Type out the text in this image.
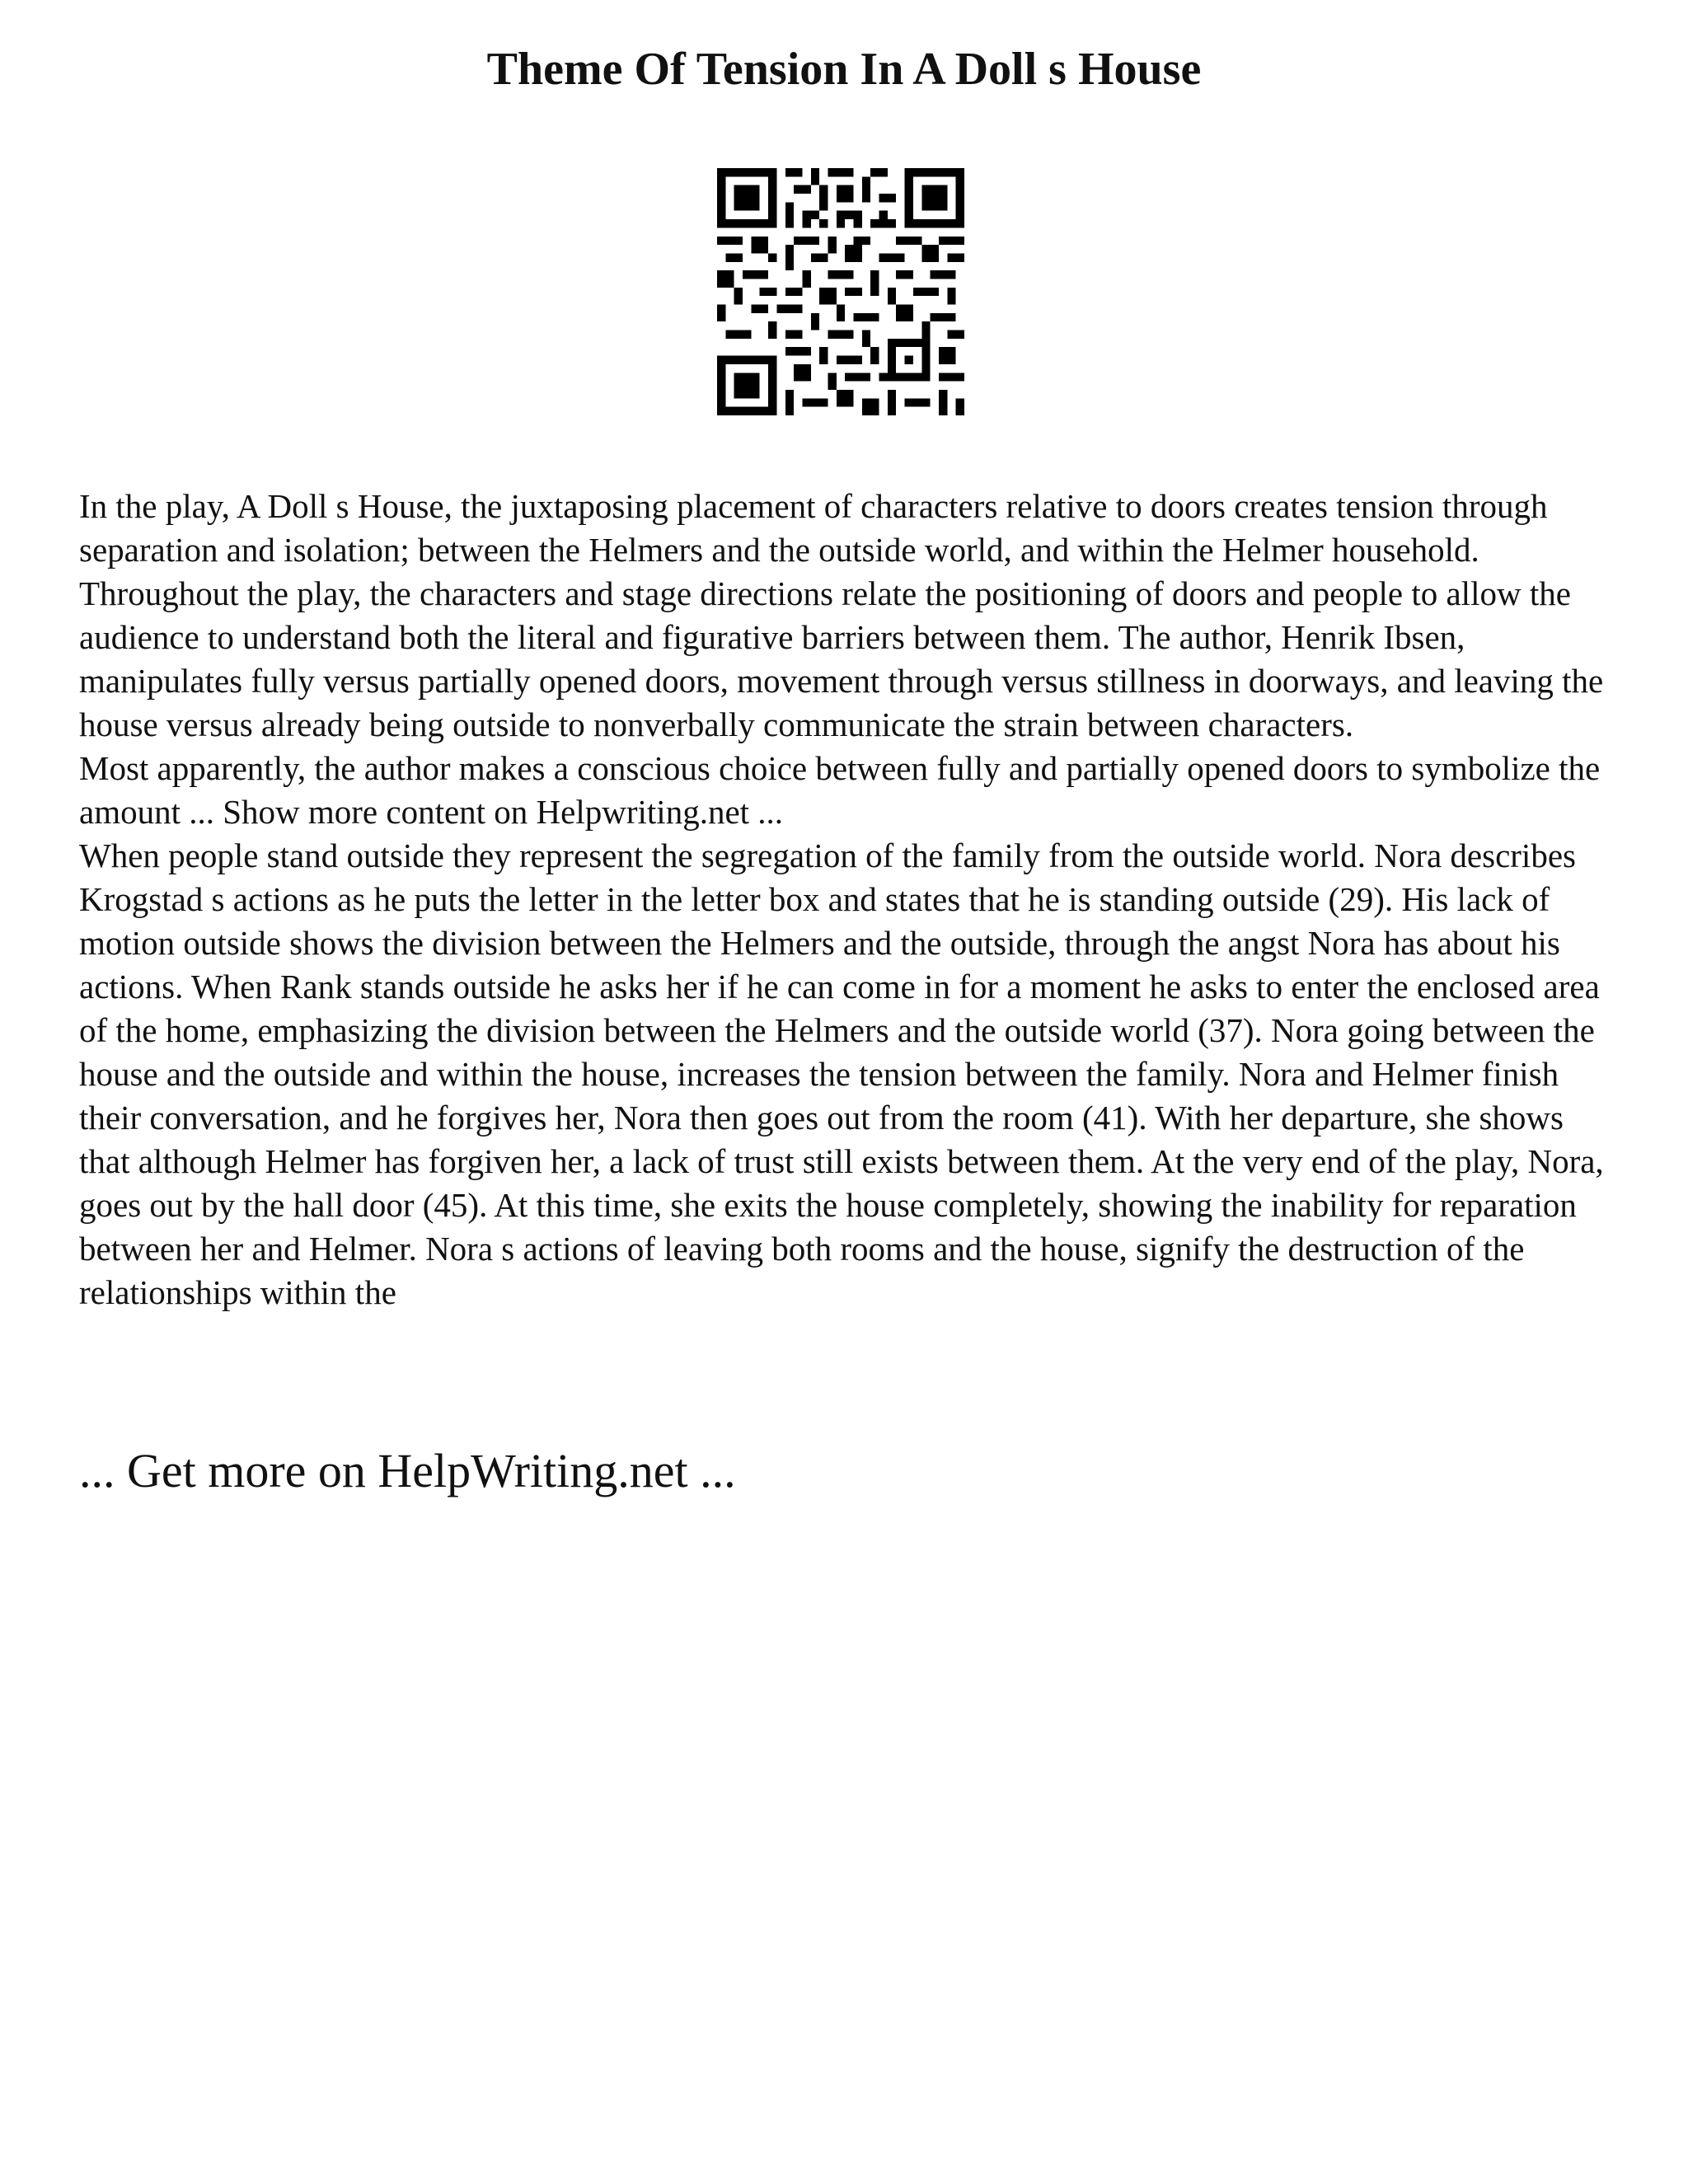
Theme Of Tension In A Doll s House

In the play, A Doll s House, the juxtaposing placement of characters relative to doors creates tension through separation and isolation; between the Helmers and the outside world, and within the Helmer household. Throughout the play, the characters and stage directions relate the positioning of doors and people to allow the audience to understand both the literal and figurative barriers between them. The author, Henrik Ibsen, manipulates fully versus partially opened doors, movement through versus stillness in doorways, and leaving the house versus already being outside to nonverbally communicate the strain between characters.

Most apparently, the author makes a conscious choice between fully and partially opened doors to symbolize the amount ... Show more content on Helpwriting.net ...

When people stand outside they represent the segregation of the family from the outside world. Nora describes Krogstad s actions as he puts the letter in the letter box and states that he is standing outside (29). His lack of motion outside shows the division between the Helmers and the outside, through the angst Nora has about his actions. When Rank stands outside he asks her if he can come in for a moment he asks to enter the enclosed area of the home, emphasizing the division between the Helmers and the outside world (37). Nora going between the house and the outside and within the house, increases the tension between the family. Nora and Helmer finish their conversation, and he forgives her, Nora then goes out from the room (41). With her departure, she shows that although Helmer has forgiven her, a lack of trust still exists between them. At the very end of the play, Nora, goes out by the hall door (45). At this time, she exits the house completely, showing the inability for reparation between her and Helmer. Nora s actions of leaving both rooms and the house, signify the destruction of the relationships within the

... Get more on HelpWriting.net ...
